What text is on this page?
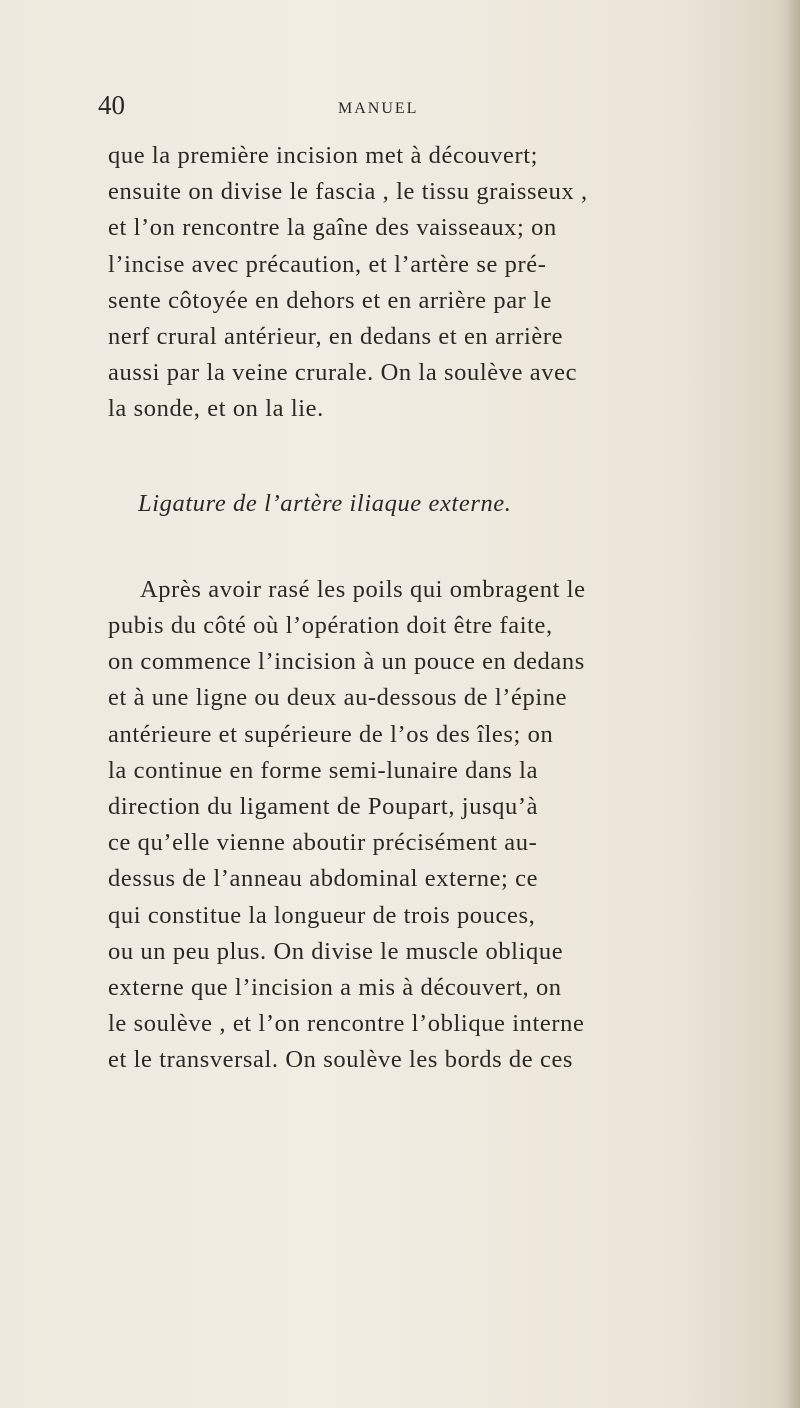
40	MANUEL
que la première incision met à découvert;
ensuite on divise le fascia , le tissu graisseux ,
et l’on rencontre la gaîne des vaisseaux; on
l’incise avec précaution, et l’artère se pré-
sente côtoyée en dehors et en arrière par le
nerf crural antérieur, en dedans et en arrière
aussi par la veine crurale. On la soulève avec
la sonde, et on la lie.
Ligature de l’artère iliaque externe.
Après avoir rasé les poils qui ombragent le
pubis du côté où l’opération doit être faite,
on commence l’incision à un pouce en dedans
et à une ligne ou deux au-dessous de l’épine
antérieure et supérieure de l’os des îles; on
la continue en forme semi-lunaire dans la
direction du ligament de Poupart, jusqu’à
ce qu’elle vienne aboutir précisément au-
dessus de l’anneau abdominal externe; ce
qui constitue la longueur de trois pouces,
ou un peu plus. On divise le muscle oblique
externe que l’incision a mis à découvert, on
le soulève , et l’on rencontre l’oblique interne
et le transversal. On soulève les bords de ces
